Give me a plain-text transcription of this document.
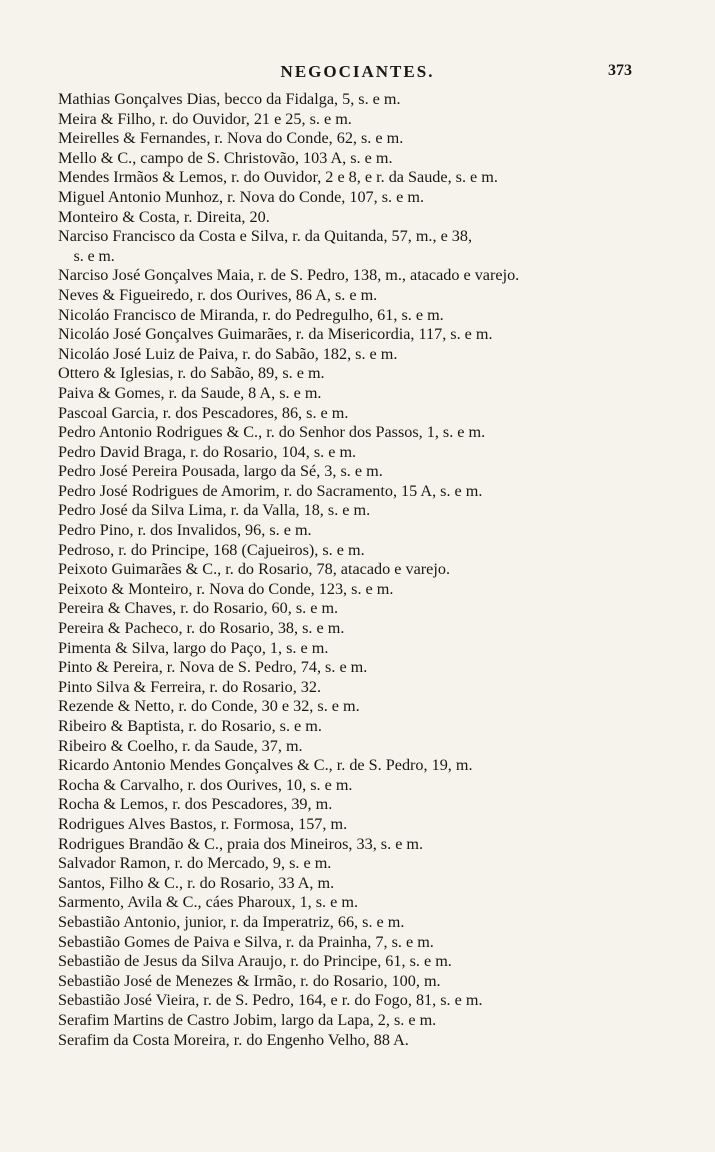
NEGOCIANTES.	373
Mathias Gonçalves Dias, becco da Fidalga, 5, s. e m.
Meira & Filho, r. do Ouvidor, 21 e 25, s. e m.
Meirelles & Fernandes, r. Nova do Conde, 62, s. e m.
Mello & C., campo de S. Christovão, 103 A, s. e m.
Mendes Irmãos & Lemos, r. do Ouvidor, 2 e 8, e r. da Saude, s. e m.
Miguel Antonio Munhoz, r. Nova do Conde, 107, s. e m.
Monteiro & Costa, r. Direita, 20.
Narciso Francisco da Costa e Silva, r. da Quitanda, 57, m., e 38,
s. e m.
Narciso José Gonçalves Maia, r. de S. Pedro, 138, m., atacado e varejo.
Neves & Figueiredo, r. dos Ourives, 86 A, s. e m.
Nicoláo Francisco de Miranda, r. do Pedregulho, 61, s. e m.
Nicoláo José Gonçalves Guimarães, r. da Misericordia, 117, s. e m.
Nicoláo José Luiz de Paiva, r. do Sabão, 182, s. e m.
Ottero & Iglesias, r. do Sabão, 89, s. e m.
Paiva & Gomes, r. da Saude, 8 A, s. e m.
Pascoal Garcia, r. dos Pescadores, 86, s. e m.
Pedro Antonio Rodrigues & C., r. do Senhor dos Passos, 1, s. e m.
Pedro David Braga, r. do Rosario, 104, s. e m.
Pedro José Pereira Pousada, largo da Sé, 3, s. e m.
Pedro José Rodrigues de Amorim, r. do Sacramento, 15 A, s. e m.
Pedro José da Silva Lima, r. da Valla, 18, s. e m.
Pedro Pino, r. dos Invalidos, 96, s. e m.
Pedroso, r. do Principe, 168 (Cajueiros), s. e m.
Peixoto Guimarães & C., r. do Rosario, 78, atacado e varejo.
Peixoto & Monteiro, r. Nova do Conde, 123, s. e m.
Pereira & Chaves, r. do Rosario, 60, s. e m.
Pereira & Pacheco, r. do Rosario, 38, s. e m.
Pimenta & Silva, largo do Paço, 1, s. e m.
Pinto & Pereira, r. Nova de S. Pedro, 74, s. e m.
Pinto Silva & Ferreira, r. do Rosario, 32.
Rezende & Netto, r. do Conde, 30 e 32, s. e m.
Ribeiro & Baptista, r. do Rosario, s. e m.
Ribeiro & Coelho, r. da Saude, 37, m.
Ricardo Antonio Mendes Gonçalves & C., r. de S. Pedro, 19, m.
Rocha & Carvalho, r. dos Ourives, 10, s. e m.
Rocha & Lemos, r. dos Pescadores, 39, m.
Rodrigues Alves Bastos, r. Formosa, 157, m.
Rodrigues Brandão & C., praia dos Mineiros, 33, s. e m.
Salvador Ramon, r. do Mercado, 9, s. e m.
Santos, Filho & C., r. do Rosario, 33 A, m.
Sarmento, Avila & C., cáes Pharoux, 1, s. e m.
Sebastião Antonio, junior, r. da Imperatriz, 66, s. e m.
Sebastião Gomes de Paiva e Silva, r. da Prainha, 7, s. e m.
Sebastião de Jesus da Silva Araujo, r. do Principe, 61, s. e m.
Sebastião José de Menezes & Irmão, r. do Rosario, 100, m.
Sebastião José Vieira, r. de S. Pedro, 164, e r. do Fogo, 81, s. e m.
Serafim Martins de Castro Jobim, largo da Lapa, 2, s. e m.
Serafim da Costa Moreira, r. do Engenho Velho, 88 A.
